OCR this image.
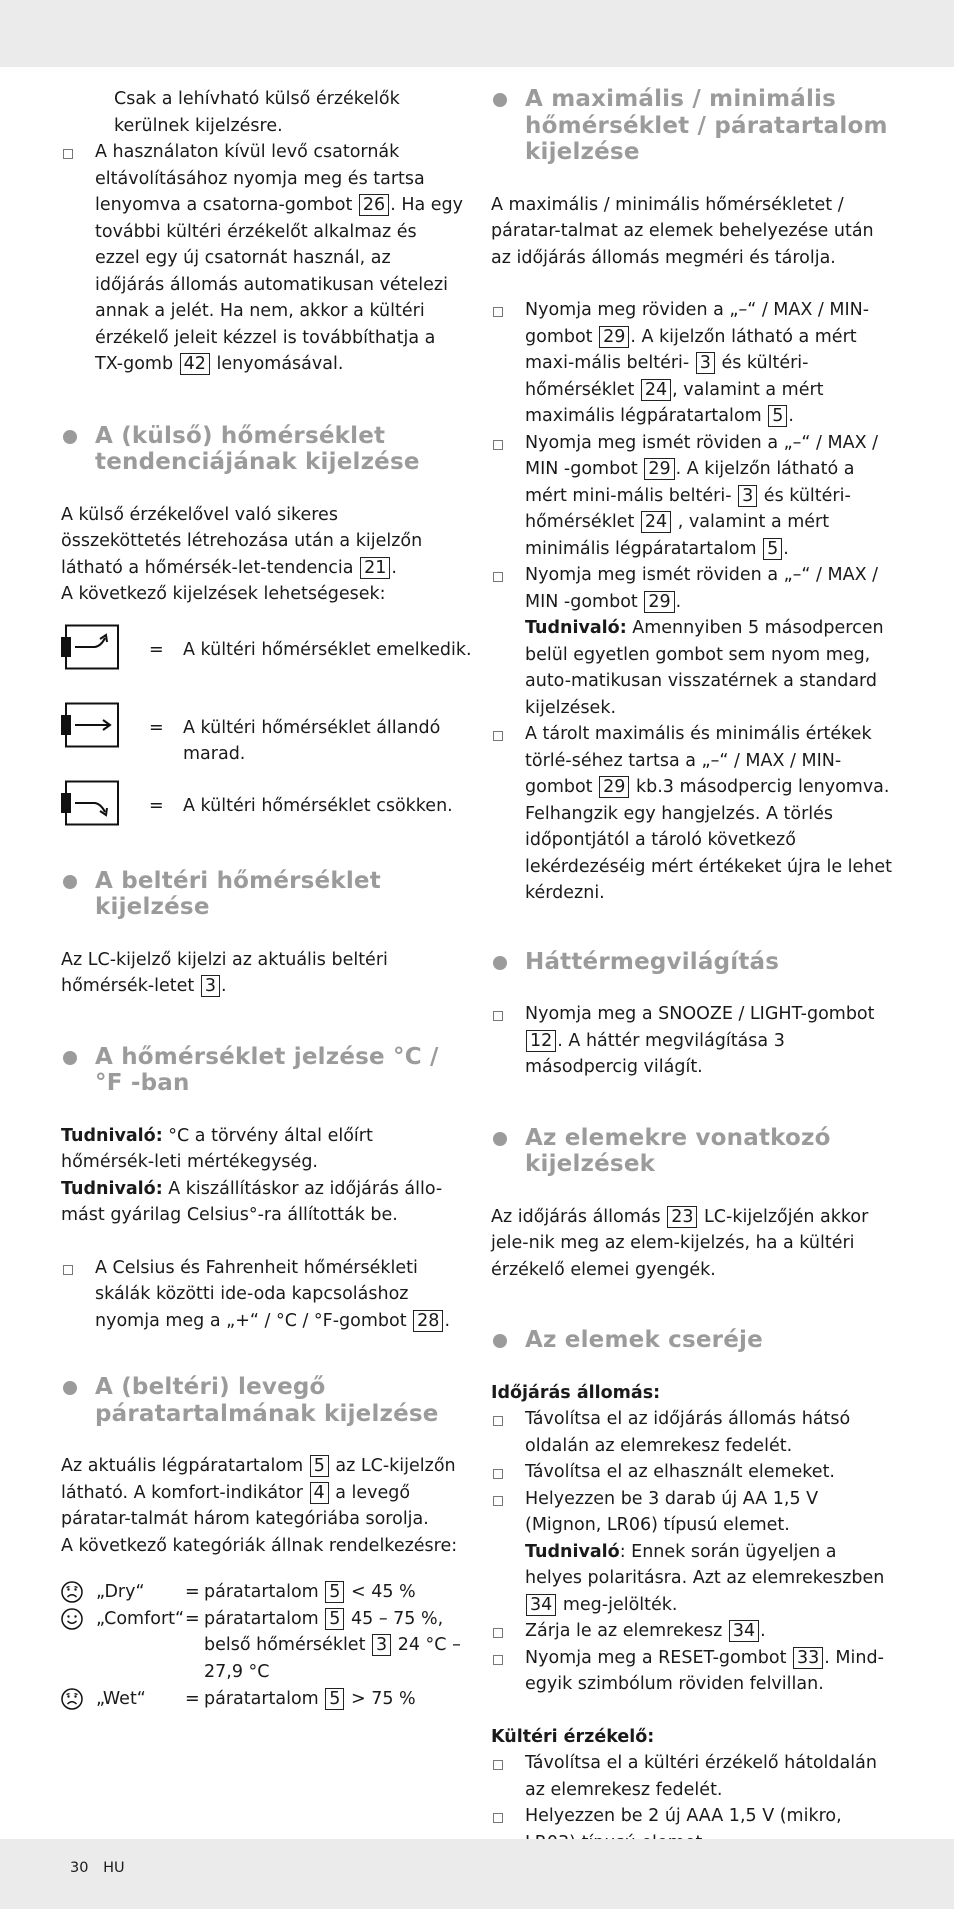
Csak a lehívható külső érzékelők kerülnek kijelzésre.

A használaton kívül levő csatornák eltávolításához nyomja meg és tartsa lenyomva a csatorna-gombot 26 . Ha egy további kültéri érzékelőt alkalmaz és ezzel egy új csatornát használ, az időjárás állomás automatikusan vételezi annak a jelét. Ha nem, akkor a kültéri érzékelő jeleit kézzel is továbbíthatja a TX-gomb 42 lenyomásával.
A (külső) hőmérséklet tendenciájának kijelzése

A külső érzékelővel való sikeres összeköttetés létrehozása után a kijelzőn látható a hőmérsék-let-tendencia 21 .

A következő kijelzések lehetségesek:

= A kültéri hőmérséklet emelkedik.
= A kültéri hőmérséklet állandó marad.
= A kültéri hőmérséklet csökken.
A beltéri hőmérséklet kijelzése

Az LC-kijelző kijelzi az aktuális beltéri hőmérsék-letet 3 .

A hőmérséklet jelzése °C / °F -ban

Tudnivaló: °C a törvény által előírt hőmérsék-leti mértékegység.

Tudnivaló: A kiszállításkor az időjárás állo-mást gyárilag Celsius°-ra állították be.

A Celsius és Fahrenheit hőmérsékleti skálák közötti ide-oda kapcsoláshoz nyomja meg a „+“ / °C / °F-gombot 28 .
A (beltéri) levegő páratartalmának kijelzése

Az aktuális légpáratartalom 5 az LC-kijelzőn látható. A komfort-indikátor 4 a levegő páratar-talmát három kategóriába sorolja.

A következő kategóriák állnak rendelkezésre:

„Dry“ = páratartalom 5 < 45 %
„Comfort“ = páratartalom 5 45 – 75 %, belső hőmérséklet 3 24 °C – 27,9 °C
„Wet“ = páratartalom 5 > 75 %
A maximális / minimális hőmérséklet / páratartalom kijelzése

A maximális / minimális hőmérsékletet / páratar-talmat az elemek behelyezése után az időjárás állomás megméri és tárolja.

Nyomja meg röviden a „–“ / MAX / MIN-gombot 29 . A kijelzőn látható a mért maxi-mális beltéri- 3 és kültéri-hőmérséklet 24 , valamint a mért maximális légpáratartalom 5 .
Nyomja meg ismét röviden a „–“ / MAX / MIN -gombot 29 . A kijelzőn látható a mért mini-mális beltéri- 3 és kültéri-hőmérséklet 24 , valamint a mért minimális légpáratartalom 5 .
Nyomja meg ismét röviden a „–“ / MAX / MIN -gombot 29 .
Tudnivaló: Amennyiben 5 másodpercen belül egyetlen gombot sem nyom meg, auto-matikusan visszatérnek a standard kijelzések.
A tárolt maximális és minimális értékek törlé-séhez tartsa a „–“ / MAX / MIN-gombot 29 kb.3 másodpercig lenyomva. Felhangzik egy hangjelzés. A törlés időpontjától a tároló következő lekérdezéséig mért értékeket újra le lehet kérdezni.
Háttérmegvilágítás
Nyomja meg a SNOOZE / LIGHT-gombot 12 . A háttér megvilágítása 3 másodpercig világít.
Az elemekre vonatkozó kijelzések

Az időjárás állomás 23 LC-kijelzőjén akkor jele-nik meg az elem-kijelzés, ha a kültéri érzékelő elemei gyengék.

Az elemek cseréje

Időjárás állomás:

Távolítsa el az időjárás állomás hátsó oldalán az elemrekesz fedelét.
Távolítsa el az elhasznált elemeket.
Helyezzen be 3 darab új AA 1,5 V (Mignon, LR06) típusú elemet.
Tudnivaló: Ennek során ügyeljen a helyes polaritásra. Azt az elemrekeszben 34 meg-jelölték.
Zárja le az elemrekesz 34 .
Nyomja meg a RESET-gombot 33 . Mind-egyik szimbólum röviden felvillan.

Kültéri érzékelő:

Távolítsa el a kültéri érzékelő hátoldalán az elemrekesz fedelét.
Helyezzen be 2 új AAA 1,5 V (mikro,
30 HU
